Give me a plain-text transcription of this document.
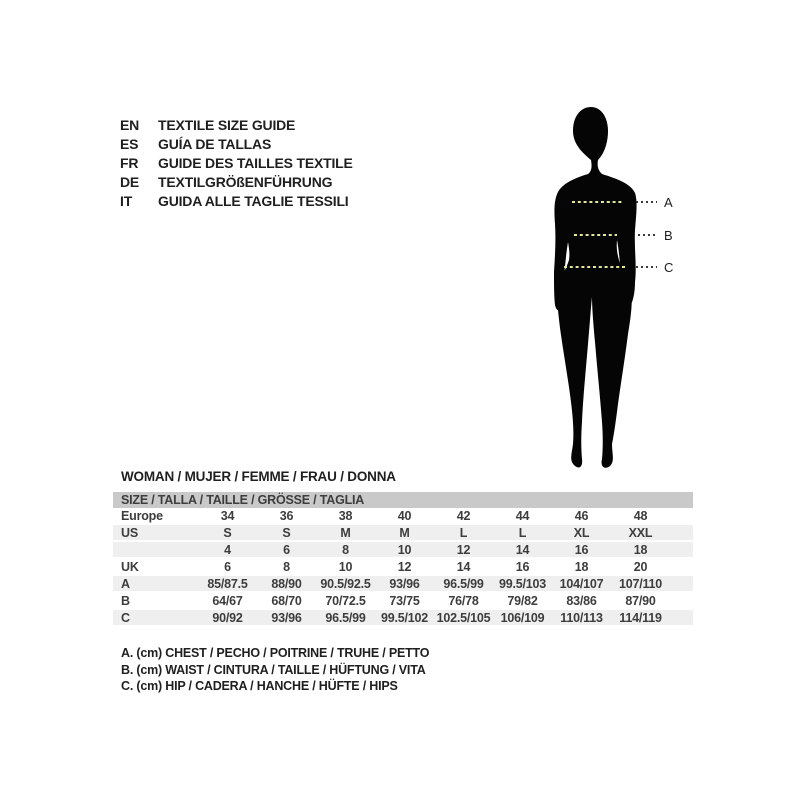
EN	TEXTILE SIZE GUIDE
ES	GUÍA DE TALLAS
FR	GUIDE DES TAILLES TEXTILE
DE	TEXTILGRÖßENFÜHRUNG
IT	GUIDA ALLE TAGLIE TESSILI	A
B
C
WOMAN / MUJER / FEMME / FRAU / DONNA
SIZE / TALLA / TAILLE / GRÖSSE / TAGLIA
Europe	34	36	38	40	42	44	46	48	
US	S	S	M	M	L	L	XL	XXL	
	4	6	8	10	12	14	16	18	
UK	6	8	10	12	14	16	18	20	
A	85/87.5	88/90	90.5/92.5	93/96	96.5/99	99.5/103	104/107	107/110	
B	64/67	68/70	70/72.5	73/75	76/78	79/82	83/86	87/90	
C	90/92	93/96	96.5/99	99.5/102	102.5/105	106/109	110/113	114/119	
A. (cm) CHEST / PECHO / POITRINE / TRUHE / PETTO
B. (cm) WAIST / CINTURA / TAILLE / HÜFTUNG / VITA
C. (cm) HIP / CADERA / HANCHE / HÜFTE / HIPS
